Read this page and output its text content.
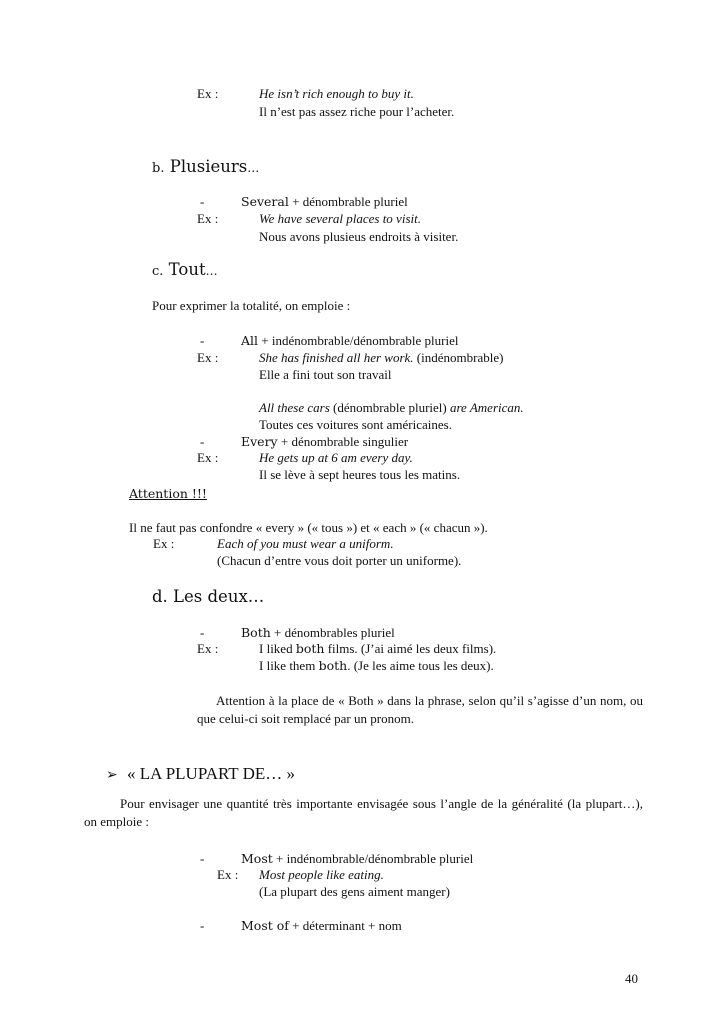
Ex :	He isn’t rich enough to buy it.
Il n’est pas assez riche pour l’acheter.
b. Plusieurs…
-	Several + dénombrable pluriel
Ex :	We have several places to visit.
Nous avons plusieus endroits à visiter.
c. Tout…
Pour exprimer la totalité, on emploie :
-	All + indénombrable/dénombrable pluriel
Ex :	She has finished all her work. (indénombrable)
Elle a fini tout son travail
All these cars (dénombrable pluriel) are American.
Toutes ces voitures sont américaines.
-	Every + dénombrable singulier
Ex :	He gets up at 6 am every day.
Il se lève à sept heures tous les matins.
Attention !!!
Il ne faut pas confondre « every » (« tous ») et « each » (« chacun »).
Ex :	Each of you must wear a uniform.
(Chacun d’entre vous doit porter un uniforme).
d. Les deux…
-	Both + dénombrables pluriel
Ex :	I liked both films. (J’ai aimé les deux films).
I like them both. (Je les aime tous les deux).
Attention à la place de « Both » dans la phrase, selon qu’il s’agisse d’un nom, ou que celui-ci soit remplacé par un pronom.
➢ « LA PLUPART DE… »
Pour envisager une quantité très importante envisagée sous l’angle de la généralité (la plupart…), on emploie :
-	Most + indénombrable/dénombrable pluriel
Ex : Most people like eating.
(La plupart des gens aiment manger)
-	Most of + déterminant + nom
40
